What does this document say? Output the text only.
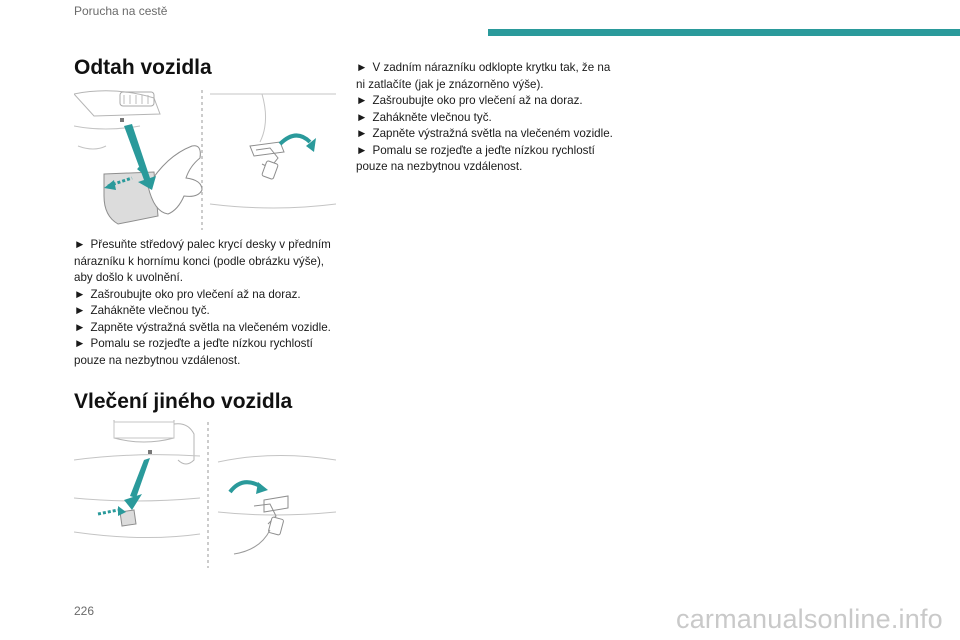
Porucha na cestě
Odtah vozidla
► Přesuňte středový palec krycí desky v předním nárazníku k hornímu konci (podle obrázku výše), aby došlo k uvolnění.
► Zašroubujte oko pro vlečení až na doraz.
► Zahákněte vlečnou tyč.
► Zapněte výstražná světla na vlečeném vozidle.
► Pomalu se rozjeďte a jeďte nízkou rychlostí pouze na nezbytnou vzdálenost.
Vlečení jiného vozidla
► V zadním nárazníku odklopte krytku tak, že na ni zatlačíte (jak je znázorněno výše).
► Zašroubujte oko pro vlečení až na doraz.
► Zahákněte vlečnou tyč.
► Zapněte výstražná světla na vlečeném vozidle.
► Pomalu se rozjeďte a jeďte nízkou rychlostí pouze na nezbytnou vzdálenost.
226	carmanualsonline.info
